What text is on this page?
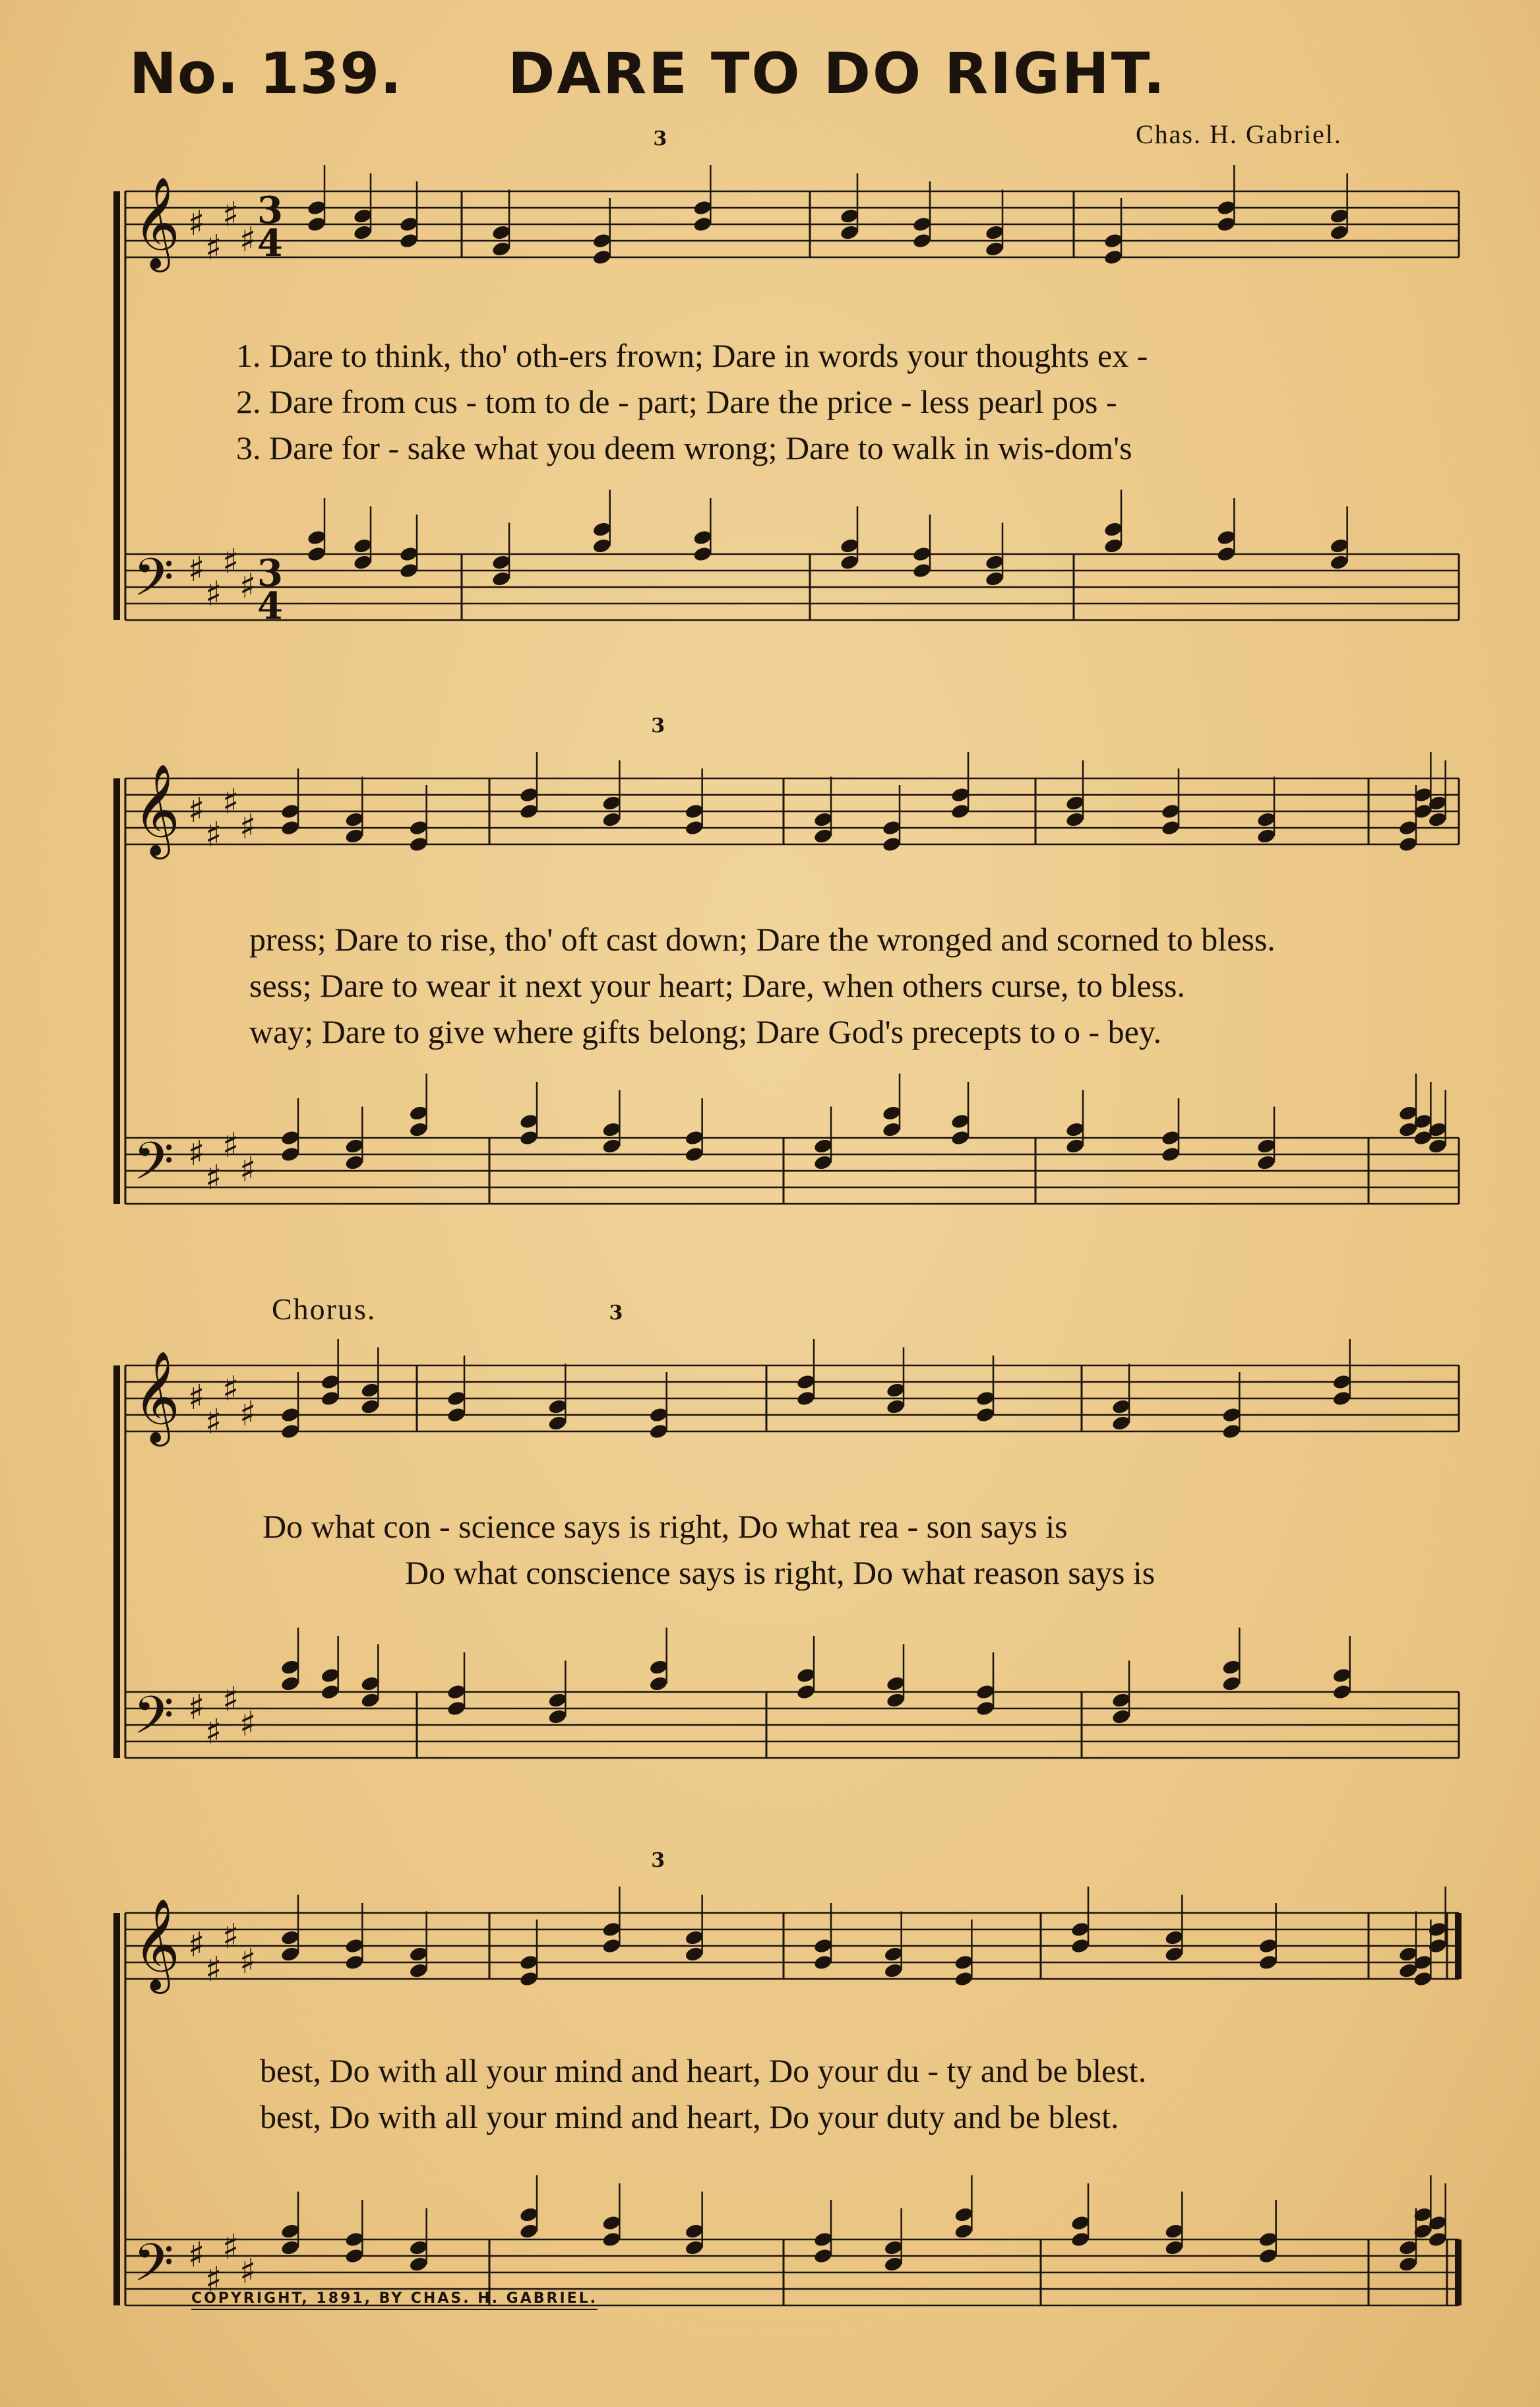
No. 139. DARE TO DO RIGHT.
Chas. H. Gabriel.
𝄞 ♯
♯
♯
♯
3
4
3
𝄢 ♯
♯
♯
♯ 3
4
𝄞 ♯
♯
♯
♯
3
𝄢 ♯
♯
♯
♯
𝄞 ♯
♯
♯
♯
3
𝄢 ♯
♯
♯
♯
𝄞 ♯
♯
♯
♯
3
𝄢 ♯
♯
♯
♯
1. Dare to think, tho' oth-ers frown; Dare in words your thoughts ex -
2. Dare from cus - tom to de - part; Dare the price - less pearl pos -
3. Dare for - sake what you deem wrong; Dare to walk in wis-dom's
press; Dare to rise, tho' oft cast down; Dare the wronged and scorned to bless.
sess; Dare to wear it next your heart; Dare, when others curse, to bless.
way; Dare to give where gifts belong; Dare God's precepts to o - bey.
Chorus.
Do what con - science says is right, Do what rea - son says is
Do what conscience says is right, Do what reason says is
best, Do with all your mind and heart, Do your du - ty and be blest.
best, Do with all your mind and heart, Do your duty and be blest.
COPYRIGHT, 1891, BY CHAS. H. GABRIEL.
